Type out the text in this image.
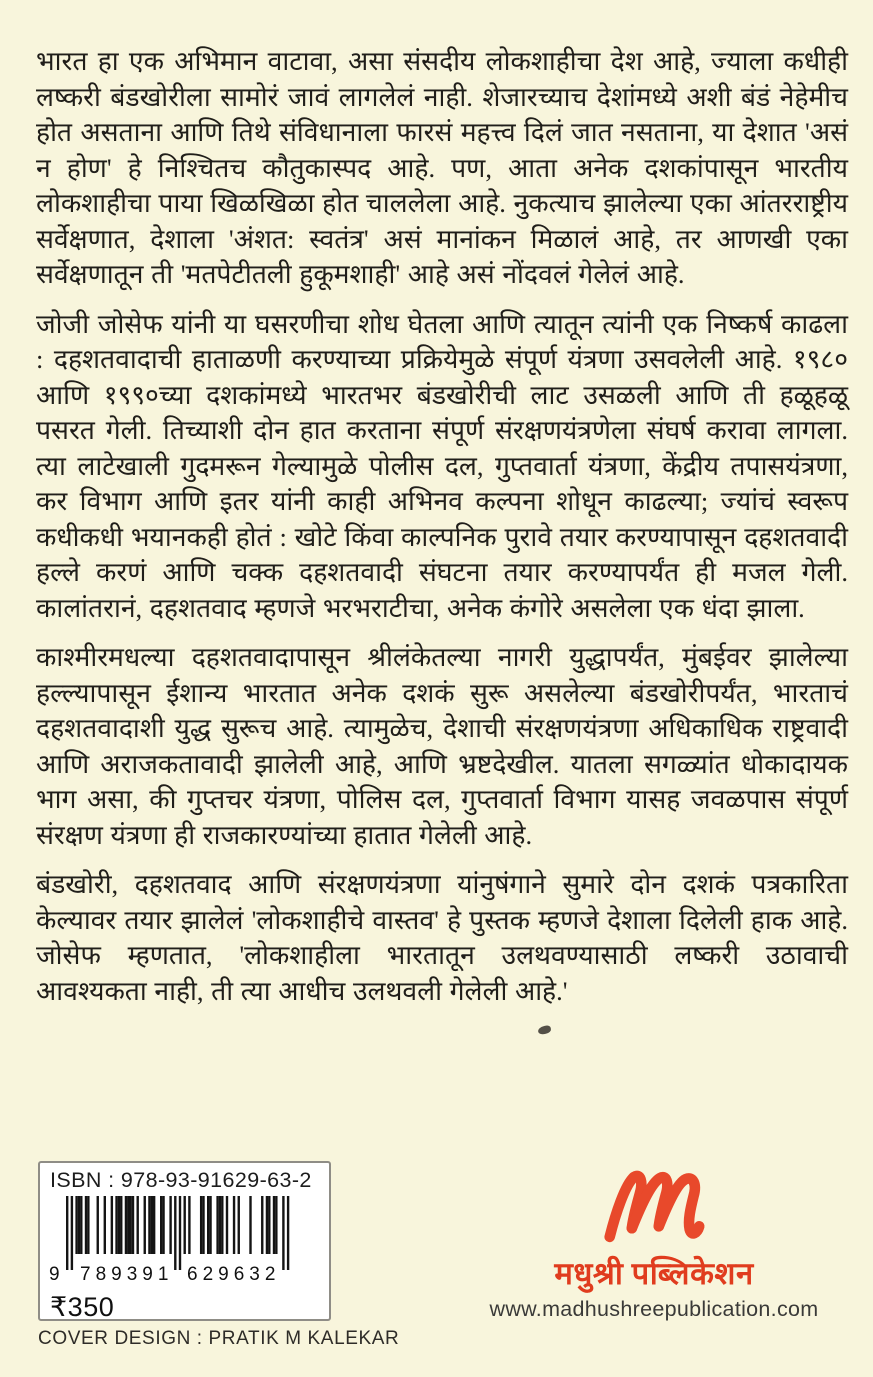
भारत हा एक अभिमान वाटावा, असा संसदीय लोकशाहीचा देश आहे, ज्याला कधीही लष्करी बंडखोरीला सामोरं जावं लागलेलं नाही. शेजारच्याच देशांमध्ये अशी बंडं नेहेमीच होत असताना आणि तिथे संविधानाला फारसं महत्त्व दिलं जात नसताना, या देशात 'असं न होण' हे निश्चितच कौतुकास्पद आहे. पण, आता अनेक दशकांपासून भारतीय लोकशाहीचा पाया खिळखिळा होत चाललेला आहे. नुकत्याच झालेल्या एका आंतरराष्ट्रीय सर्वेक्षणात, देशाला 'अंशत: स्वतंत्र' असं मानांकन मिळालं आहे, तर आणखी एका सर्वेक्षणातून ती 'मतपेटीतली हुकूमशाही' आहे असं नोंदवलं गेलेलं आहे.

जोजी जोसेफ यांनी या घसरणीचा शोध घेतला आणि त्यातून त्यांनी एक निष्कर्ष काढला : दहशतवादाची हाताळणी करण्याच्या प्रक्रियेमुळे संपूर्ण यंत्रणा उसवलेली आहे. १९८० आणि १९९०च्या दशकांमध्ये भारतभर बंडखोरीची लाट उसळली आणि ती हळूहळू पसरत गेली. तिच्याशी दोन हात करताना संपूर्ण संरक्षणयंत्रणेला संघर्ष करावा लागला. त्या लाटेखाली गुदमरून गेल्यामुळे पोलीस दल, गुप्तवार्ता यंत्रणा, केंद्रीय तपासयंत्रणा, कर विभाग आणि इतर यांनी काही अभिनव कल्पना शोधून काढल्या; ज्यांचं स्वरूप कधीकधी भयानकही होतं : खोटे किंवा काल्पनिक पुरावे तयार करण्यापासून दहशतवादी हल्ले करणं आणि चक्क दहशतवादी संघटना तयार करण्यापर्यंत ही मजल गेली. कालांतरानं, दहशतवाद म्हणजे भरभराटीचा, अनेक कंगोरे असलेला एक धंदा झाला.

काश्मीरमधल्या दहशतवादापासून श्रीलंकेतल्या नागरी युद्धापर्यंत, मुंबईवर झालेल्या हल्ल्यापासून ईशान्य भारतात अनेक दशकं सुरू असलेल्या बंडखोरीपर्यंत, भारताचं दहशतवादाशी युद्ध सुरूच आहे. त्यामुळेच, देशाची संरक्षणयंत्रणा अधिकाधिक राष्ट्रवादी आणि अराजकतावादी झालेली आहे, आणि भ्रष्टदेखील. यातला सगळ्यांत धोकादायक भाग असा, की गुप्तचर यंत्रणा, पोलिस दल, गुप्तवार्ता विभाग यासह जवळपास संपूर्ण संरक्षण यंत्रणा ही राजकारण्यांच्या हातात गेलेली आहे.

बंडखोरी, दहशतवाद आणि संरक्षणयंत्रणा यांनुषंगाने सुमारे दोन दशकं पत्रकारिता केल्यावर तयार झालेलं 'लोकशाहीचे वास्तव' हे पुस्तक म्हणजे देशाला दिलेली हाक आहे. जोसेफ म्हणतात, 'लोकशाहीला भारतातून उलथवण्यासाठी लष्करी उठावाची आवश्यकता नाही, ती त्या आधीच उलथवली गेलेली आहे.'

ISBN : 978-93-91629-63-2
9 789391 629632
₹350
COVER DESIGN : PRATIK M KALEKAR
मधुश्री पब्लिकेशन
www.madhushreepublication.com
